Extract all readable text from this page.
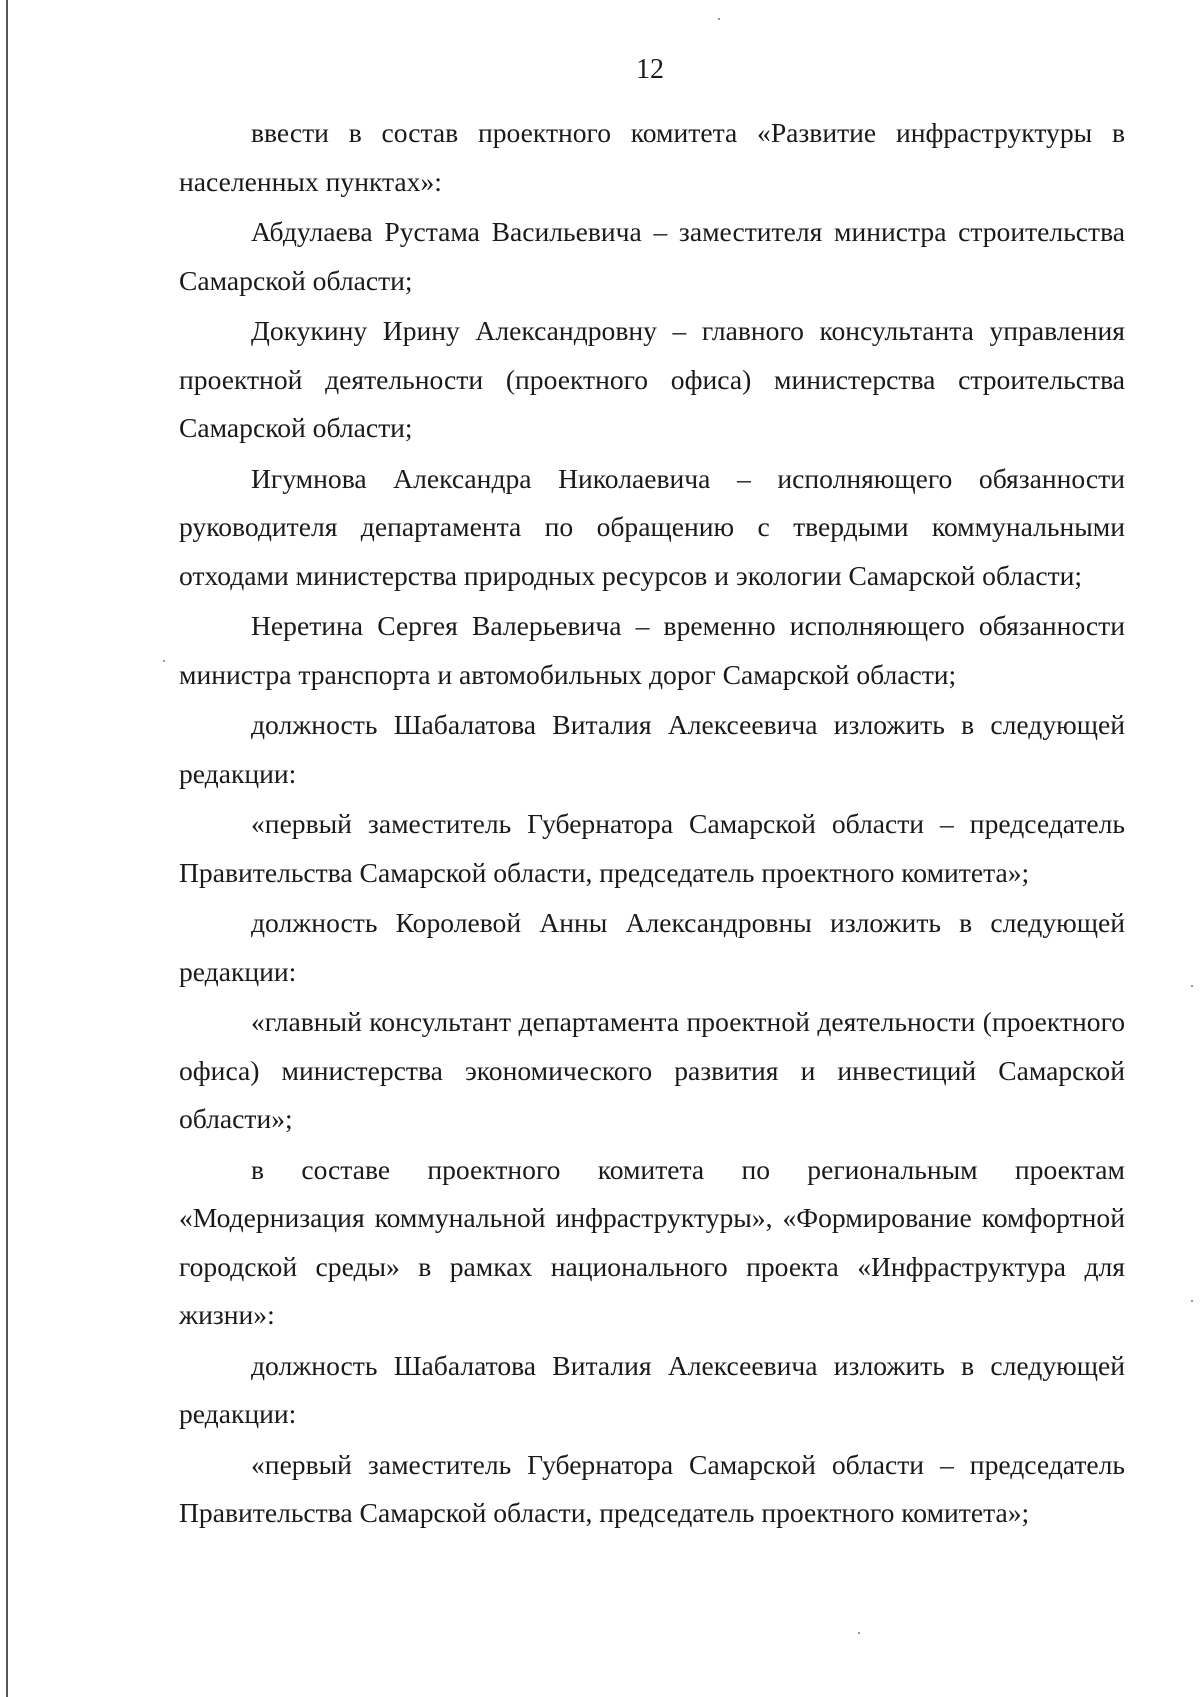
12

ввести в состав проектного комитета «Развитие инфраструктуры в населенных пунктах»:

Абдулаева Рустама Васильевича – заместителя министра строительства Самарской области;

Докукину Ирину Александровну – главного консультанта управления проектной деятельности (проектного офиса) министерства строительства Самарской области;

Игумнова Александра Николаевича – исполняющего обязанности руководителя департамента по обращению с твердыми коммунальными отходами министерства природных ресурсов и экологии Самарской области;

Неретина Сергея Валерьевича – временно исполняющего обязанности министра транспорта и автомобильных дорог Самарской области;

должность Шабалатова Виталия Алексеевича изложить в следующей редакции:

«первый заместитель Губернатора Самарской области – председатель Правительства Самарской области, председатель проектного комитета»;

должность Королевой Анны Александровны изложить в следующей редакции:

«главный консультант департамента проектной деятельности (проектного офиса) министерства экономического развития и инвестиций Самарской области»;

в составе проектного комитета по региональным проектам «Модернизация коммунальной инфраструктуры», «Формирование комфортной городской среды» в рамках национального проекта «Инфраструктура для жизни»:

должность Шабалатова Виталия Алексеевича изложить в следующей редакции:

«первый заместитель Губернатора Самарской области – председатель Правительства Самарской области, председатель проектного комитета»;
